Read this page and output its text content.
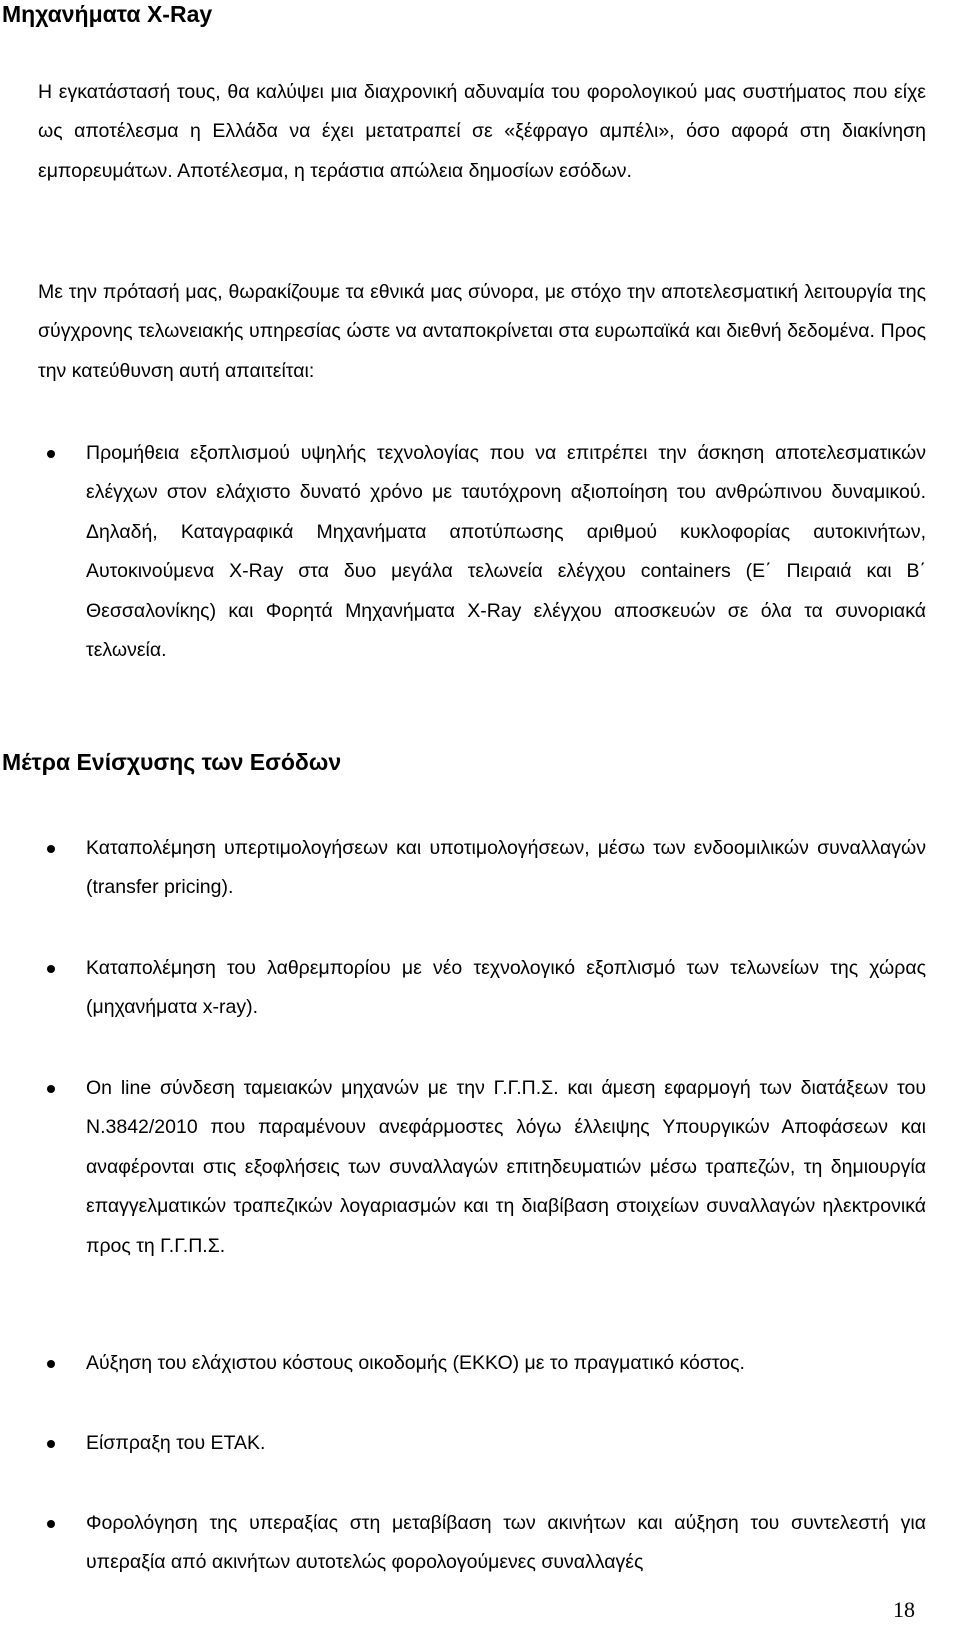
Μηχανήματα X-Ray

Η εγκατάστασή τους, θα καλύψει μια διαχρονική αδυναμία του φορολογικού μας συστήματος που είχε ως αποτέλεσμα η Ελλάδα να έχει μετατραπεί σε «ξέφραγο αμπέλι», όσο αφορά στη διακίνηση εμπορευμάτων. Αποτέλεσμα, η τεράστια απώλεια δημοσίων εσόδων.

Με την πρότασή μας, θωρακίζουμε τα εθνικά μας σύνορα, με στόχο την αποτελεσματική λειτουργία της σύγχρονης τελωνειακής υπηρεσίας ώστε να ανταποκρίνεται στα ευρωπαϊκά και διεθνή δεδομένα. Προς την κατεύθυνση αυτή απαιτείται:

Προμήθεια εξοπλισμού υψηλής τεχνολογίας που να επιτρέπει την άσκηση αποτελεσματικών ελέγχων στον ελάχιστο δυνατό χρόνο με ταυτόχρονη αξιοποίηση του ανθρώπινου δυναμικού. Δηλαδή, Καταγραφικά Μηχανήματα αποτύπωσης αριθμού κυκλοφορίας αυτοκινήτων, Αυτοκινούμενα X-Ray στα δυο μεγάλα τελωνεία ελέγχου containers (Ε΄ Πειραιά και Β΄ Θεσσαλονίκης) και Φορητά Μηχανήματα X-Ray ελέγχου αποσκευών σε όλα τα συνοριακά τελωνεία.
Μέτρα Ενίσχυσης των Εσόδων
Καταπολέμηση υπερτιμολογήσεων και υποτιμολογήσεων, μέσω των ενδοομιλικών συναλλαγών (transfer pricing).
Καταπολέμηση του λαθρεμπορίου με νέο τεχνολογικό εξοπλισμό των τελωνείων της χώρας (μηχανήματα x-ray).
On line σύνδεση ταμειακών μηχανών με την Γ.Γ.Π.Σ. και άμεση εφαρμογή των διατάξεων του Ν.3842/2010 που παραμένουν ανεφάρμοστες λόγω έλλειψης Υπουργικών Αποφάσεων και αναφέρονται στις εξοφλήσεις των συναλλαγών επιτηδευματιών μέσω τραπεζών, τη δημιουργία επαγγελματικών τραπεζικών λογαριασμών και τη διαβίβαση στοιχείων συναλλαγών ηλεκτρονικά προς τη Γ.Γ.Π.Σ.
Αύξηση του ελάχιστου κόστους οικοδομής (ΕΚΚΟ) με το πραγματικό κόστος.
Είσπραξη του ΕΤΑΚ.
Φορολόγηση της υπεραξίας στη μεταβίβαση των ακινήτων και αύξηση του συντελεστή για υπεραξία από ακινήτων αυτοτελώς φορολογούμενες συναλλαγές
18
